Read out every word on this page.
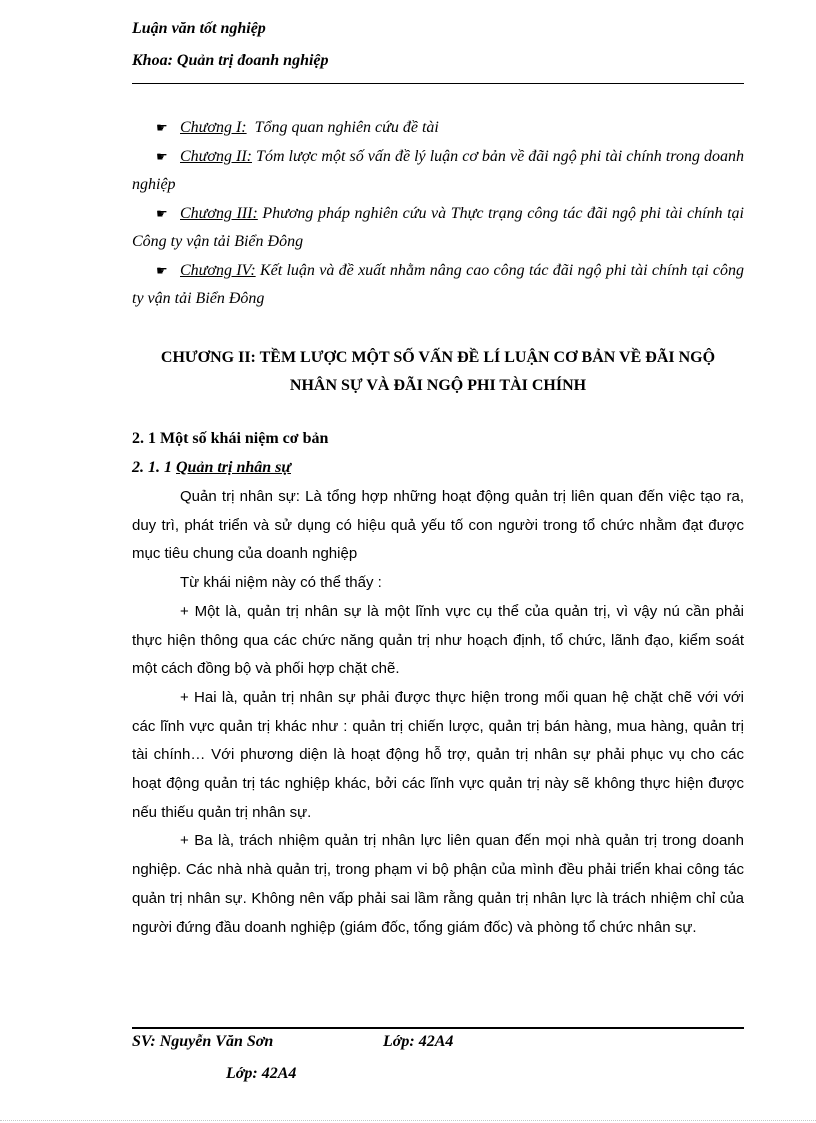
Luận văn tốt nghiệp
Khoa: Quản trị đoanh nghiệp

☛ Chương I: Tổng quan nghiên cứu đề tài

☛ Chương II: Tóm lược một số vấn đề lý luận cơ bản về đãi ngộ phi tài chính trong doanh nghiệp

☛ Chương III: Phương pháp nghiên cứu và Thực trạng công tác đãi ngộ phi tài chính tại Công ty vận tải Biển Đông

☛ Chương IV: Kết luận và đề xuất nhằm nâng cao công tác đãi ngộ phi tài chính tại công ty vận tải Biển Đông

CHƯƠNG II: TỀM LƯỢC MỘT SỐ VẤN ĐỀ LÍ LUẬN CƠ BẢN VỀ ĐÃI NGỘ
NHÂN SỰ VÀ ĐÃI NGỘ PHI TÀI CHÍNH
2. 1 Một số khái niệm cơ bản
2. 1. 1 Quản trị nhân sự

Quản trị nhân sự: Là tổng hợp những hoạt động quản trị liên quan đến việc tạo ra, duy trì, phát triển và sử dụng có hiệu quả yếu tố con người trong tổ chức nhằm đạt được mục tiêu chung của doanh nghiệp

Từ khái niệm này có thể thấy :

+ Một là, quản trị nhân sự là một lĩnh vực cụ thể của quản trị, vì vậy nú cần phải thực hiện thông qua các chức năng quản trị như hoạch định, tổ chức, lãnh đạo, kiểm soát một cách đồng bộ và phối hợp chặt chẽ.

+ Hai là, quản trị nhân sự phải được thực hiện trong mối quan hệ chặt chẽ với với các lĩnh vực quản trị khác như : quản trị chiến lược, quản trị bán hàng, mua hàng, quản trị tài chính… Với phương diện là hoạt động hỗ trợ, quản trị nhân sự phải phục vụ cho các hoạt động quản trị tác nghiệp khác, bởi các lĩnh vực quản trị này sẽ không thực hiện được nếu thiếu quản trị nhân sự.

+ Ba là, trách nhiệm quản trị nhân lực liên quan đến mọi nhà quản trị trong doanh nghiệp. Các nhà nhà quản trị, trong phạm vi bộ phận của mình đều phải triển khai công tác quản trị nhân sự. Không nên vấp phải sai lầm rằng quản trị nhân lực là trách nhiệm chỉ của người đứng đầu doanh nghiệp (giám đốc, tổng giám đốc) và phòng tổ chức nhân sự.

SV: Nguyễn Văn Sơn	Lớp: 42A4
Lớp: 42A4
